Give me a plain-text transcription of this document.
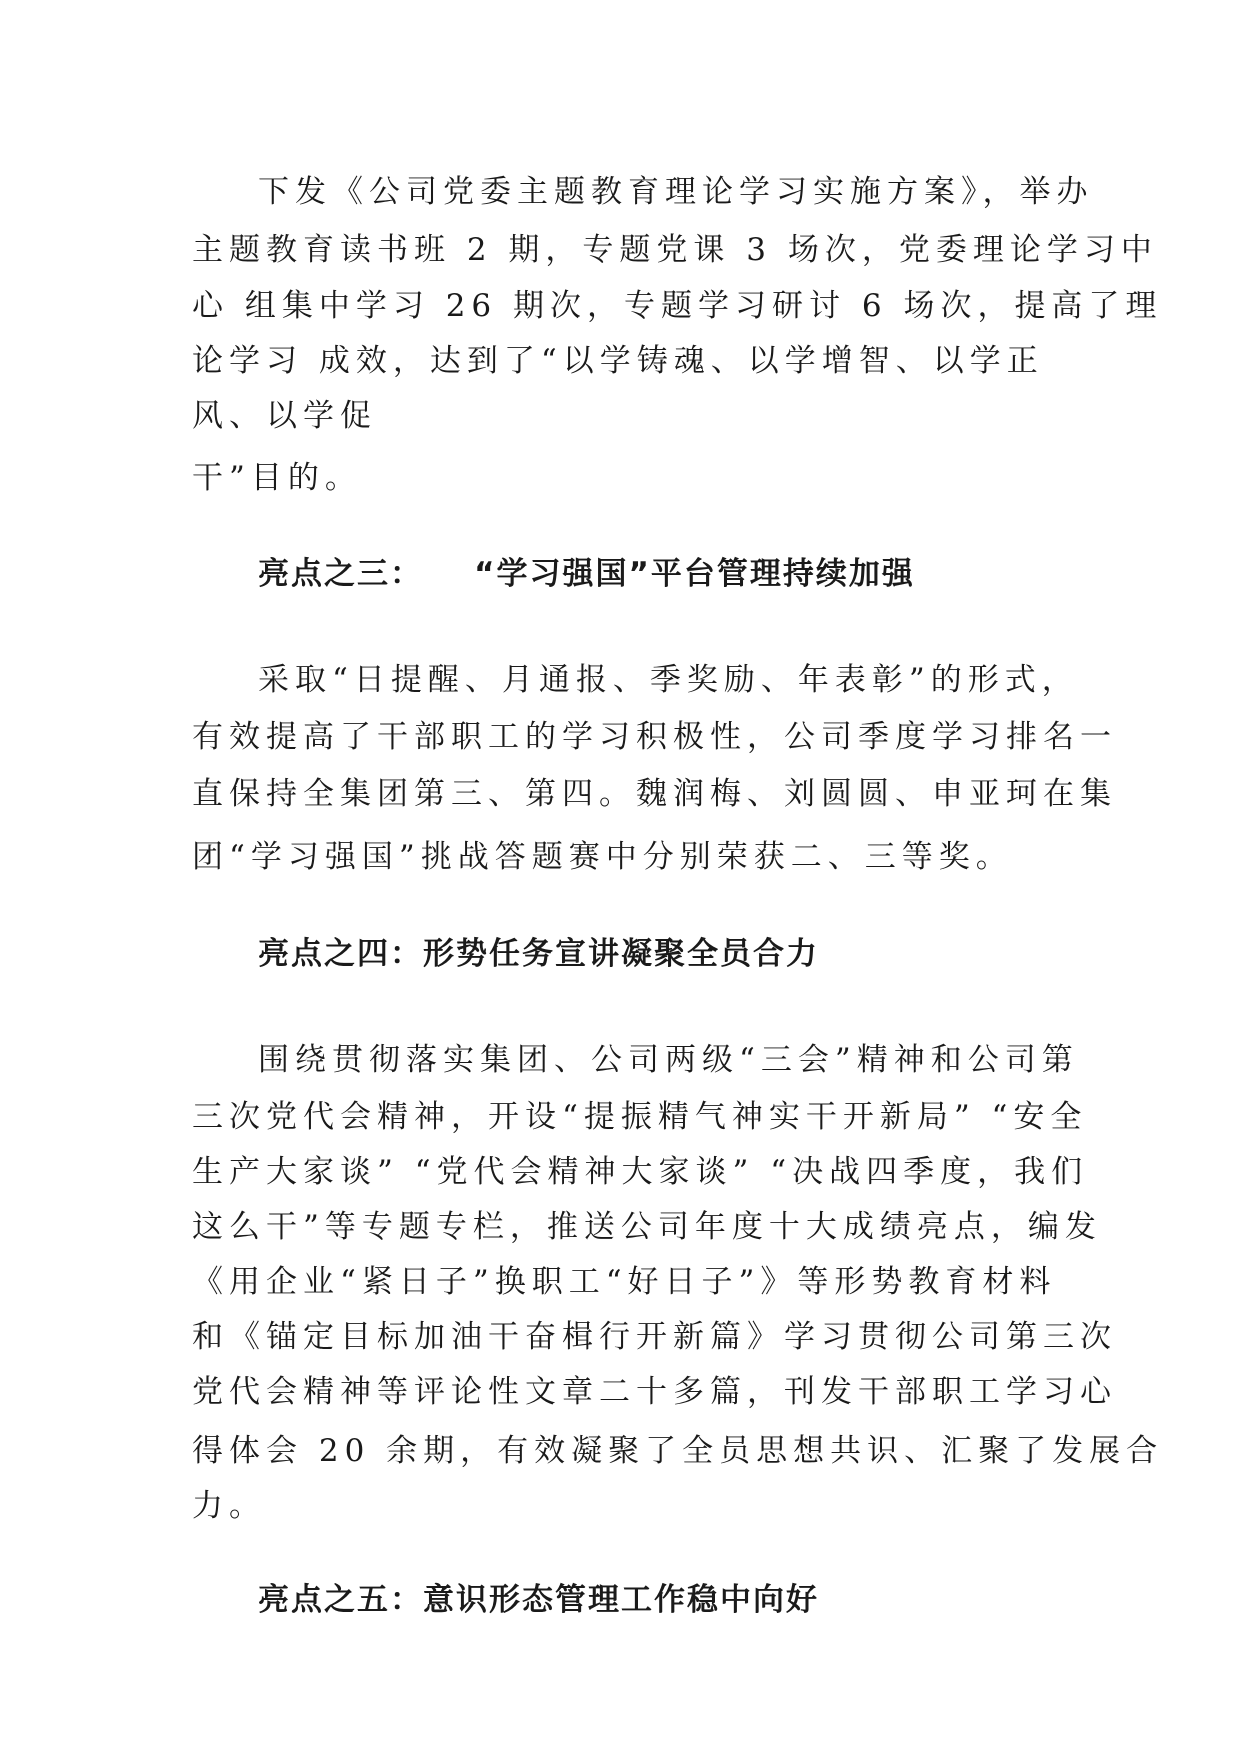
下发《公司党委主题教育理论学习实施方案》，举办
主题教育读书班 2 期，专题党课 3 场次，党委理论学习中
心 组集中学习 26 期次，专题学习研讨 6 场次，提高了理
论学习 成效，达到了“以学铸魂、以学增智、以学正
风、以学促
干”目的。
亮点之三：    “学习强国”平台管理持续加强
采取“日提醒、月通报、季奖励、年表彰”的形式，
有效提高了干部职工的学习积极性，公司季度学习排名一
直保持全集团第三、第四。魏润梅、刘圆圆、申亚珂在集
团“学习强国”挑战答题赛中分别荣获二、三等奖。
亮点之四：形势任务宣讲凝聚全员合力
围绕贯彻落实集团、公司两级“三会”精神和公司第
三次党代会精神，开设“提振精气神实干开新局” “安全
生产大家谈” “党代会精神大家谈” “决战四季度，我们
这么干”等专题专栏，推送公司年度十大成绩亮点，编发
《用企业“紧日子”换职工“好日子”》等形势教育材料
和《锚定目标加油干奋楫行开新篇》学习贯彻公司第三次
党代会精神等评论性文章二十多篇，刊发干部职工学习心
得体会 20 余期，有效凝聚了全员思想共识、汇聚了发展合
力。
亮点之五：意识形态管理工作稳中向好
